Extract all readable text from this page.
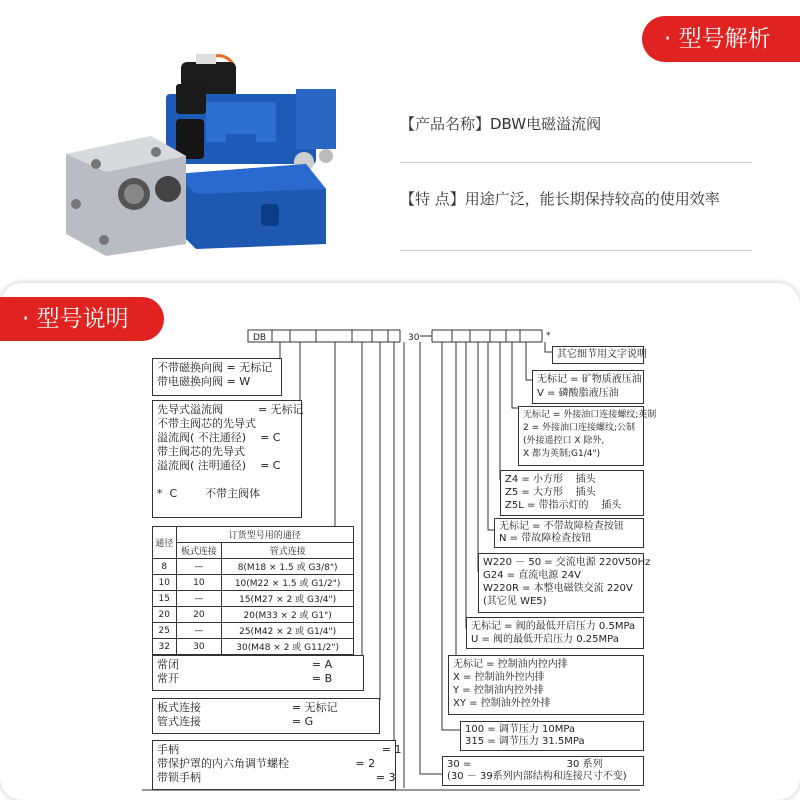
· 型号解析
【产品名称】DBW电磁溢流阀
【特 点】用途广泛，能长期保持较高的使用效率
· 型号说明
DB	30	*
不带磁换向阀 = 无标记
带电磁换向阀 = W
先导式溢流阀          = 无标记
不带主阀芯的先导式
溢流阀( 不注通径)    = C
带主阀芯的先导式
溢流阀( 注明通径)    = C

*  C        不带主阀体
通径	订货型号用的通径	
	板式连接	管式连接
8	—	8(M18 × 1.5 或 G3/8")
10	10	10(M22 × 1.5 或 G1/2")
15	—	15(M27 × 2 或 G3/4")
20	20	20(M33 × 2 或 G1")
25	—	25(M42 × 2 或 G1/4")
32	30	30(M48 × 2 或 G11/2")
常闭                                      = A
常开                                      = B
板式连接                          = 无标记
管式连接                          = G
手柄                                                          = 1
带保护罩的内六角调节螺栓                   = 2
带锁手柄                                                  = 3
其它细节用文字说明
无标记 = 矿物质液压油
V = 磷酸脂液压油
无标记 = 外接油口连接螺纹;英制
2 = 外接油口连接螺纹;公制
(外接遥控口 X 除外,
X 都为英制;G1/4")
Z4 = 小方形    插头
Z5 = 大方形    插头
Z5L = 带指示灯的    插头
无标记 = 不带故障检查按钮
N = 带故障检查按钮
W220 － 50 = 交流电源 220V50Hz
G24 = 直流电源 24V
W220R = 本整电磁铁交流 220V
(其它见 WE5)
无标记 = 阀的最低开启压力 0.5MPa
U = 阀的最低开启压力 0.25MPa
无标记 = 控制油内控内排
X = 控制油外控内排
Y = 控制油内控外排
XY = 控制油外控外排
100 = 调节压力 10MPa
315 = 调节压力 31.5MPa
30 =                              30 系列
(30 － 39系列内部结构和连接尺寸不变)
